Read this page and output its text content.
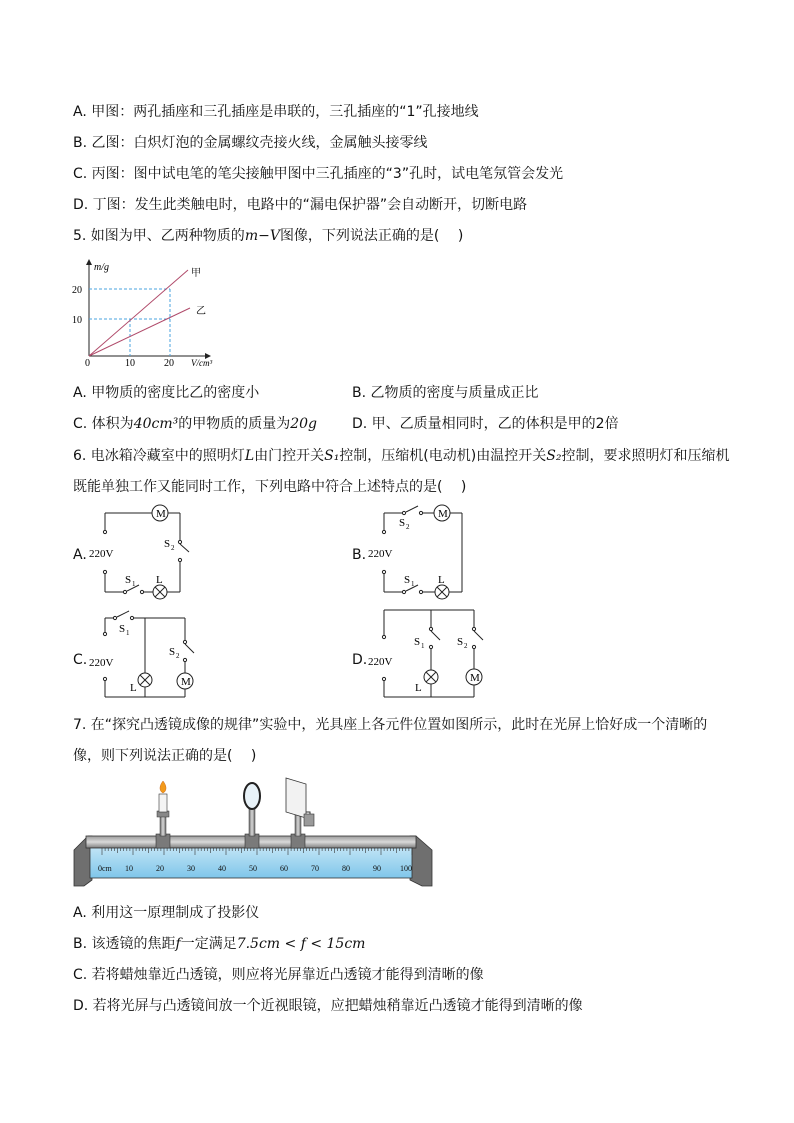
A. 甲图：两孔插座和三孔插座是串联的，三孔插座的“1”孔接地线
B. 乙图：白炽灯泡的金属螺纹壳接火线，金属触头接零线
C. 丙图：图中试电笔的笔尖接触甲图中三孔插座的“3”孔时，试电笔氖管会发光
D. 丁图：发生此类触电时，电路中的“漏电保护器”会自动断开，切断电路
5. 如图为甲、乙两种物质的m−V图像，下列说法正确的是(　 )
m/g
V/cm³
0
20
10
10	20
甲
乙
A. 甲物质的密度比乙的密度小	B. 乙物质的密度与质量成正比
C. 体积为40cm³的甲物质的质量为20g D. 甲、乙质量相同时，乙的体积是甲的2倍
6. 电冰箱冷藏室中的照明灯L由门控开关S₁控制，压缩机(电动机)由温控开关S₂控制，要求照明灯和压缩机
既能单独工作又能同时工作，下列电路中符合上述特点的是(　 )
A.	B.
C.	D.
M
S 2
220V
S 1 L
M
S 2
220V
S 1 L
S 1
220V
L
S 2
M
S 1
220V
L
S 2
M
7. 在“探究凸透镜成像的规律”实验中，光具座上各元件位置如图所示，此时在光屏上恰好成一个清晰的
像，则下列说法正确的是(　 )
0cm 10	20	30	40	50	60	70	80	90 100
A. 利用这一原理制成了投影仪
B. 该透镜的焦距f一定满足7.5cm < f < 15cm
C. 若将蜡烛靠近凸透镜，则应将光屏靠近凸透镜才能得到清晰的像
D. 若将光屏与凸透镜间放一个近视眼镜，应把蜡烛稍靠近凸透镜才能得到清晰的像
